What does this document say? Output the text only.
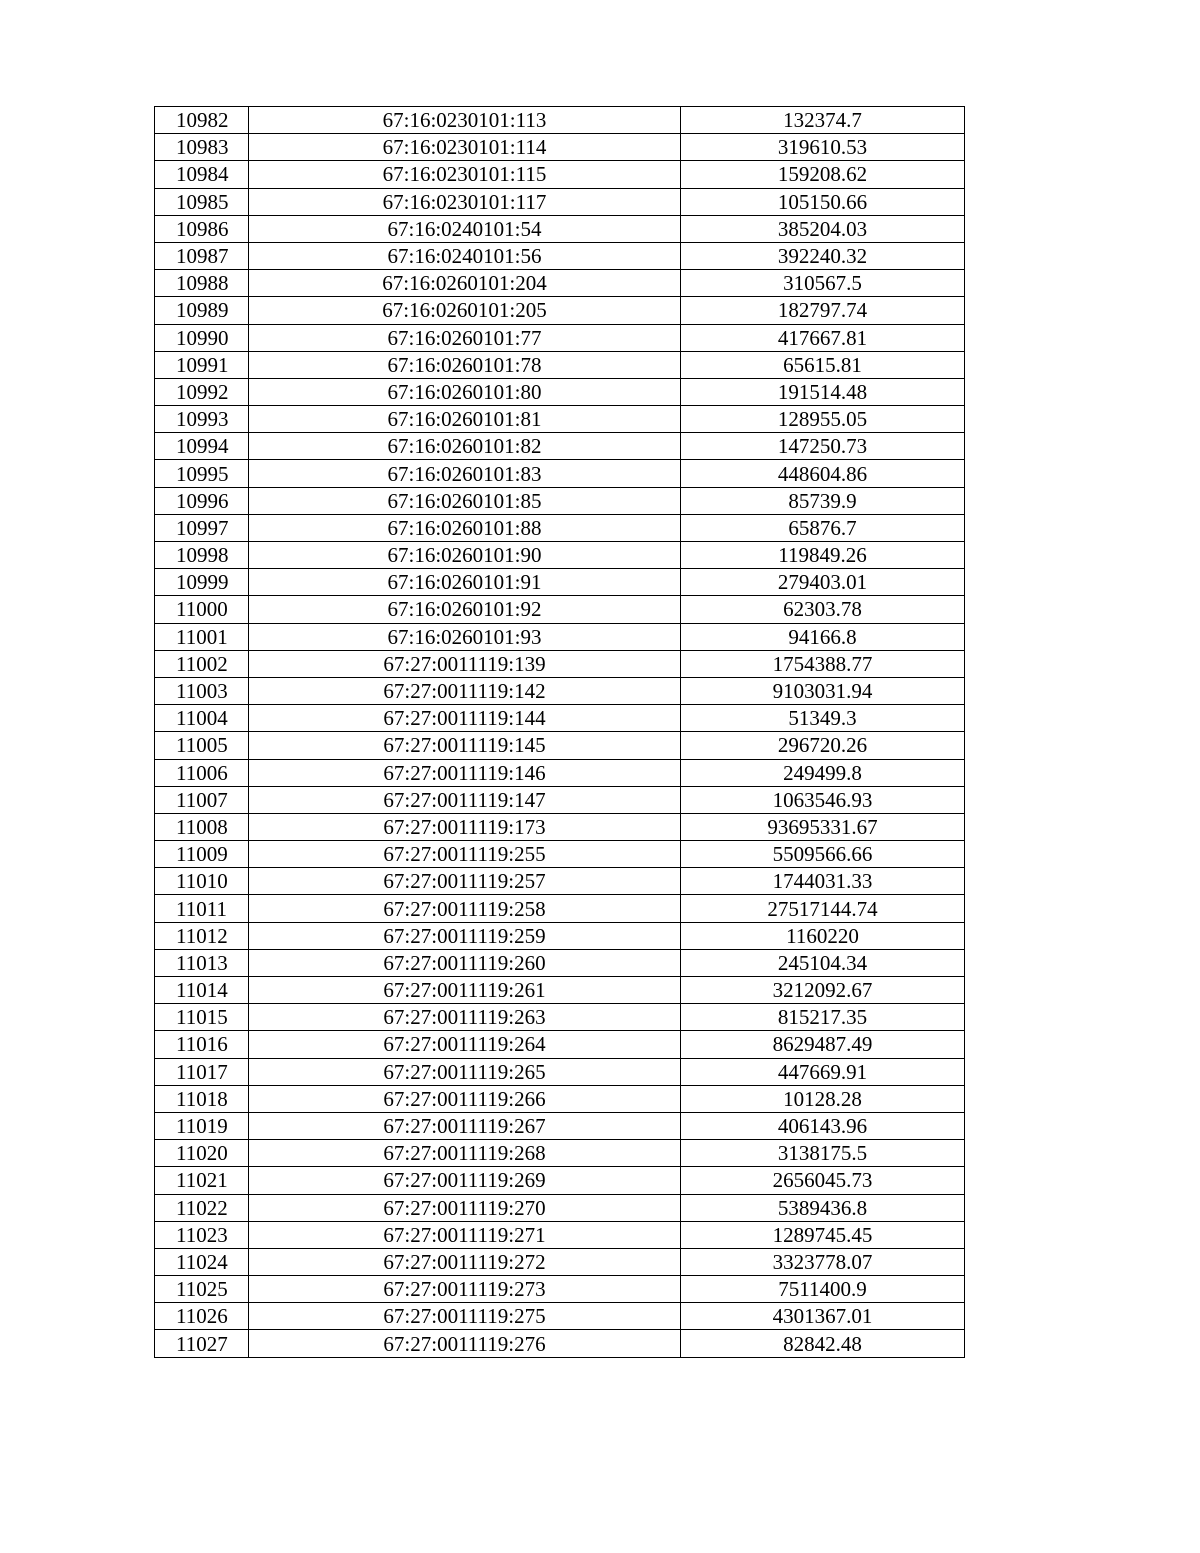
10982	67:16:0230101:113	132374.7
10983	67:16:0230101:114	319610.53
10984	67:16:0230101:115	159208.62
10985	67:16:0230101:117	105150.66
10986	67:16:0240101:54	385204.03
10987	67:16:0240101:56	392240.32
10988	67:16:0260101:204	310567.5
10989	67:16:0260101:205	182797.74
10990	67:16:0260101:77	417667.81
10991	67:16:0260101:78	65615.81
10992	67:16:0260101:80	191514.48
10993	67:16:0260101:81	128955.05
10994	67:16:0260101:82	147250.73
10995	67:16:0260101:83	448604.86
10996	67:16:0260101:85	85739.9
10997	67:16:0260101:88	65876.7
10998	67:16:0260101:90	119849.26
10999	67:16:0260101:91	279403.01
11000	67:16:0260101:92	62303.78
11001	67:16:0260101:93	94166.8
11002	67:27:0011119:139	1754388.77
11003	67:27:0011119:142	9103031.94
11004	67:27:0011119:144	51349.3
11005	67:27:0011119:145	296720.26
11006	67:27:0011119:146	249499.8
11007	67:27:0011119:147	1063546.93
11008	67:27:0011119:173	93695331.67
11009	67:27:0011119:255	5509566.66
11010	67:27:0011119:257	1744031.33
11011	67:27:0011119:258	27517144.74
11012	67:27:0011119:259	1160220
11013	67:27:0011119:260	245104.34
11014	67:27:0011119:261	3212092.67
11015	67:27:0011119:263	815217.35
11016	67:27:0011119:264	8629487.49
11017	67:27:0011119:265	447669.91
11018	67:27:0011119:266	10128.28
11019	67:27:0011119:267	406143.96
11020	67:27:0011119:268	3138175.5
11021	67:27:0011119:269	2656045.73
11022	67:27:0011119:270	5389436.8
11023	67:27:0011119:271	1289745.45
11024	67:27:0011119:272	3323778.07
11025	67:27:0011119:273	7511400.9
11026	67:27:0011119:275	4301367.01
11027	67:27:0011119:276	82842.48
